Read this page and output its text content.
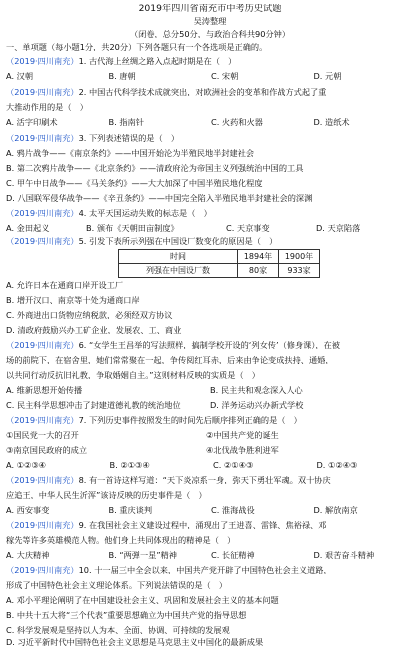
2019年四川省南充市中考历史试题
吴涛整理
（闭卷，总分50分，与政治合科共90分钟）
一、单项题（每小题1分，共20分）下列各题只有一个各选项是正确的。
（2019·四川南充）1. 古代海上丝绸之路入点起时期是在（　）
A. 汉朝	B. 唐朝	C. 宋朝	D. 元朝
（2019·四川南充）2. 中国古代科学技术成就突出，对欧洲社会的变革和作战方式起了重
大推动作用的是（　）
A. 活字印刷术	B. 指南针	C. 火药和火器	D. 造纸术
（2019·四川南充）3. 下列表述错误的是（　）
A. 鸦片战争——《南京条约》——中国开始沦为半殖民地半封建社会
B. 第二次鸦片战争——《北京条约》——清政府沦为帝国主义列强统治中国的工具
C. 甲午中日战争——《马关条约》——大大加深了中国半殖民地化程度
D. 八国联军侵华战争——《辛丑条约》——中国完全陷入半殖民地半封建社会的深渊
（2019·四川南充）4. 太平天国运动失败的标志是（　）
A. 金田起义	B. 颁布《天朝田亩制度》	C. 天京事变	D. 天京陷落
（2019·四川南充）5. 引发下表所示列强在中国设厂数变化的原因是（　）
时间	1894年	1900年
列强在中国设厂数	80家	933家
A. 允许日本在通商口岸开设工厂
B. 增开汉口、南京等十处为通商口岸
C. 外商进出口货物应纳税款，必须经双方协议
D. 清政府鼓励兴办工矿企业，发展农、工、商业
（2019·四川南充）6. “女学生王昌举的写法照样，搞制学校开设的‘列女传’（修身课），在被
场的前院下，在宿舍里，她们常常聚在一起，争传阅红耳赤，后来由争论变成扶持、通婚，
以共同行动反抗旧礼教，争取婚姻自主。”这则材料反映的实质是（　）
A. 维新思想开始传播	B. 民主共和观念深入人心
C. 民主科学思想冲击了封建道德礼教的统治地位	D. 洋务运动兴办新式学校
（2019·四川南充）7. 下列历史事件按照发生的时间先后顺序排列正确的是（　）
①国民党一大的召开	②中国共产党的诞生
③南京国民政府的成立	④北伐战争胜利进军
A. ①②③④	B. ②①③④	C. ②①④③	D. ①②④③
（2019·四川南充）8. 有一首诗这样写道：“天下炎凉系一身，弥天下勇壮军魂。双十协庆
应追王，中华人民生沂浑”该诗反映的历史事件是（　）
A. 西安事变	B. 重庆谈判	C. 淮海战役	D. 解放南京
（2019·四川南充）9. 在我国社会主义建设过程中，涌现出了王进喜、雷锋、焦裕禄、邓
稼先等许多英雄模范人物。他们身上共同体现出的精神是（　）
A. 大庆精神	B. “两弹一星”精神	C. 长征精神	D. 艰苦奋斗精神
（2019·四川南充）10. 十一届三中全会以来，中国共产党开辟了中国特色社会主义道路，
形成了中国特色社会主义理论体系。下列说法错误的是（　）
A. 邓小平理论阐明了在中国建设社会主义、巩固和发展社会主义的基本问题
B. 中共十五大将“三个代表”重要思想确立为中国共产党的指导思想
C. 科学发展观是坚持以人为本、全面、协调、可持续的发展观
D. 习近平新时代中国特色社会主义思想是马克思主义中国化的最新成果
